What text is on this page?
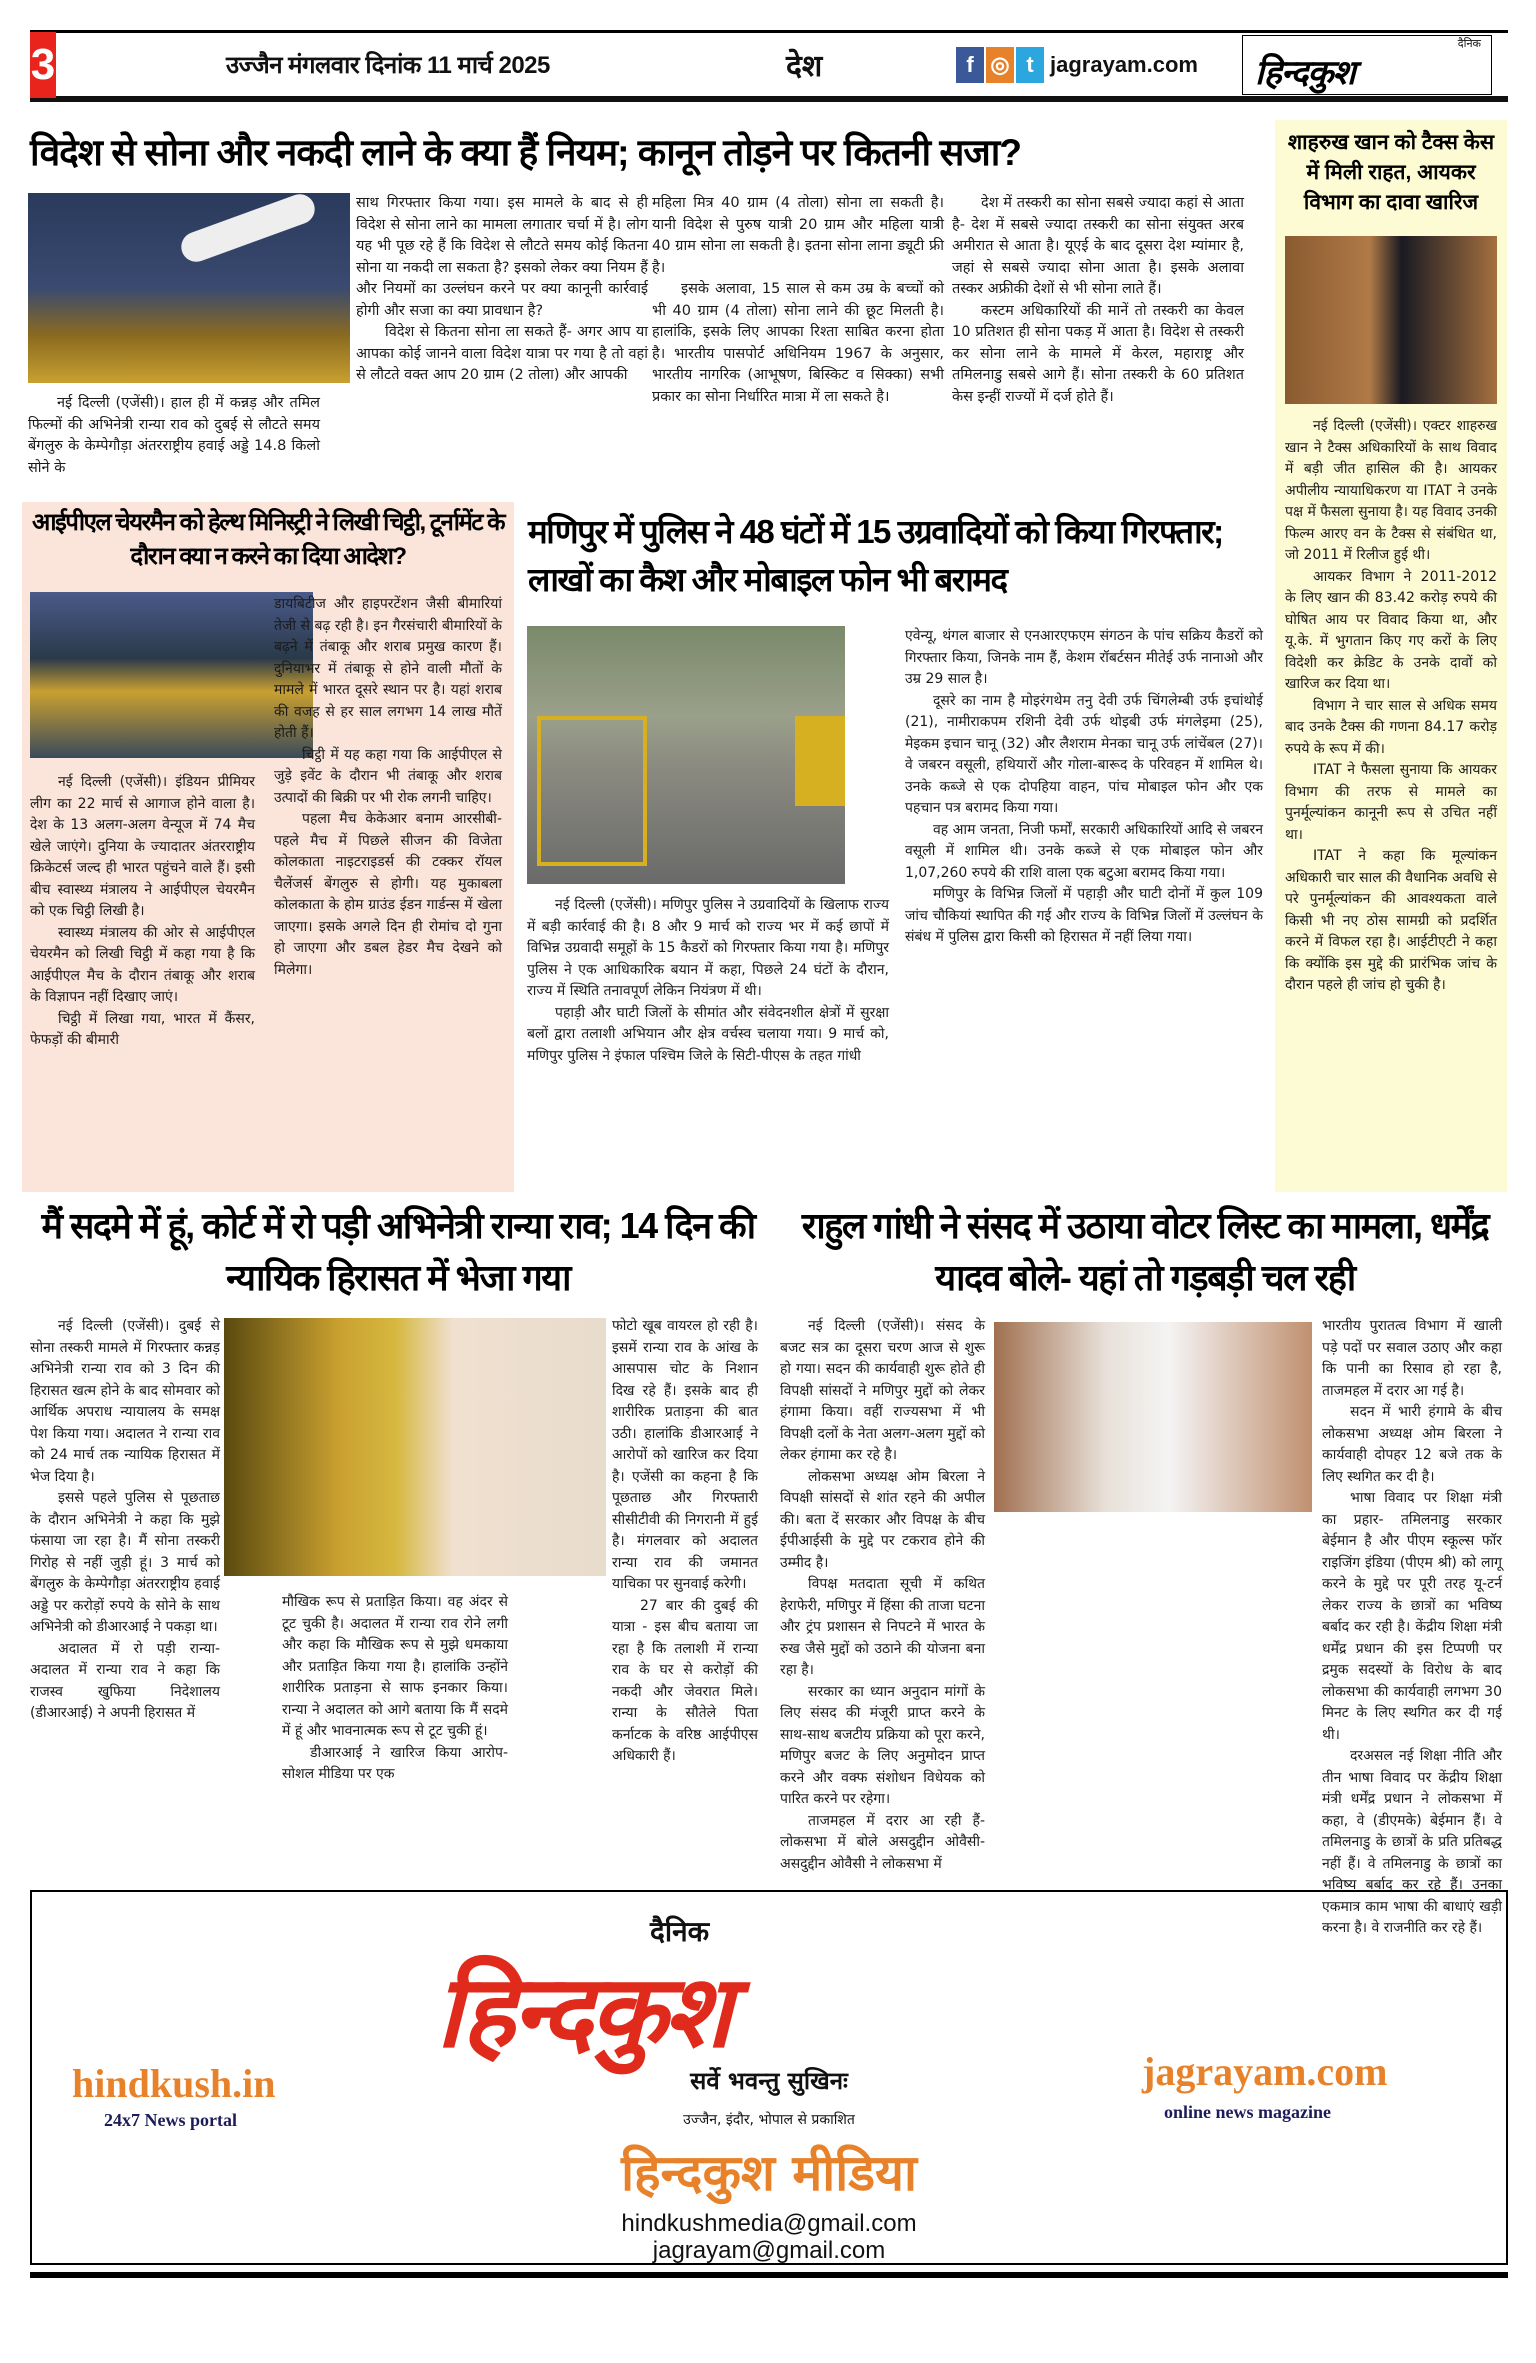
3	उज्जैन मंगलवार दिनांक 11 मार्च 2025	देश	f ◎ t jagrayam.com
दैनिक
हिन्दकुश
विदेश से सोना और नकदी लाने के क्या हैं नियम; कानून तोड़ने पर कितनी सजा?

नई दिल्ली (एजेंसी)। हाल ही में कन्नड़ और तमिल फिल्मों की अभिनेत्री रान्या राव को दुबई से लौटते समय बेंगलुरु के केम्पेगौड़ा अंतरराष्ट्रीय हवाई अड्डे 14.8 किलो सोने के

साथ गिरफ्तार किया गया। इस मामले के बाद से ही विदेश से सोना लाने का मामला लगातार चर्चा में है। लोग यह भी पूछ रहे हैं कि विदेश से लौटते समय कोई कितना सोना या नकदी ला सकता है? इसको लेकर क्या नियम हैं और नियमों का उल्लंघन करने पर क्या कानूनी कार्रवाई होगी और सजा का क्या प्रावधान है?

विदेश से कितना सोना ला सकते हैं- अगर आप या आपका कोई जानने वाला विदेश यात्रा पर गया है तो वहां से लौटते वक्त आप 20 ग्राम (2 तोला) और आपकी

महिला मित्र 40 ग्राम (4 तोला) सोना ला सकती है। यानी विदेश से पुरुष यात्री 20 ग्राम और महिला यात्री 40 ग्राम सोना ला सकती है। इतना सोना लाना ड्यूटी फ्री है।

इसके अलावा, 15 साल से कम उम्र के बच्चों को भी 40 ग्राम (4 तोला) सोना लाने की छूट मिलती है। हालांकि, इसके लिए आपका रिश्ता साबित करना होता है। भारतीय पासपोर्ट अधिनियम 1967 के अनुसार, भारतीय नागरिक (आभूषण, बिस्किट व सिक्का) सभी प्रकार का सोना निर्धारित मात्रा में ला सकते है।

देश में तस्करी का सोना सबसे ज्यादा कहां से आता है- देश में सबसे ज्यादा तस्करी का सोना संयुक्त अरब अमीरात से आता है। यूएई के बाद दूसरा देश म्यांमार है, जहां से सबसे ज्यादा सोना आता है। इसके अलावा तस्कर अफ्रीकी देशों से भी सोना लाते हैं।

कस्टम अधिकारियों की मानें तो तस्करी का केवल 10 प्रतिशत ही सोना पकड़ में आता है। विदेश से तस्करी कर सोना लाने के मामले में केरल, महाराष्ट्र और तमिलनाडु सबसे आगे हैं। सोना तस्करी के 60 प्रतिशत केस इन्हीं राज्यों में दर्ज होते हैं।

शाहरुख खान को टैक्स केस में मिली राहत, आयकर विभाग का दावा खारिज

नई दिल्ली (एजेंसी)। एक्टर शाहरुख खान ने टैक्स अधिकारियों के साथ विवाद में बड़ी जीत हासिल की है। आयकर अपीलीय न्यायाधिकरण या ITAT ने उनके पक्ष में फैसला सुनाया है। यह विवाद उनकी फिल्म आरए वन के टैक्स से संबंधित था, जो 2011 में रिलीज हुई थी।

आयकर विभाग ने 2011-2012 के लिए खान की 83.42 करोड़ रुपये की घोषित आय पर विवाद किया था, और यू.के. में भुगतान किए गए करों के लिए विदेशी कर क्रेडिट के उनके दावों को खारिज कर दिया था।

विभाग ने चार साल से अधिक समय बाद उनके टैक्स की गणना 84.17 करोड़ रुपये के रूप में की।

ITAT ने फैसला सुनाया कि आयकर विभाग की तरफ से मामले का पुनर्मूल्यांकन कानूनी रूप से उचित नहीं था।

ITAT ने कहा कि मूल्यांकन अधिकारी चार साल की वैधानिक अवधि से परे पुनर्मूल्यांकन की आवश्यकता वाले किसी भी नए ठोस सामग्री को प्रदर्शित करने में विफल रहा है। आईटीएटी ने कहा कि क्योंकि इस मुद्दे की प्रारंभिक जांच के दौरान पहले ही जांच हो चुकी है।

आईपीएल चेयरमैन को हेल्थ मिनिस्ट्री ने लिखी चिट्ठी, टूर्नामेंट के दौरान क्या न करने का दिया आदेश?

नई दिल्ली (एजेंसी)। इंडियन प्रीमियर लीग का 22 मार्च से आगाज होने वाला है। देश के 13 अलग-अलग वेन्यूज में 74 मैच खेले जाएंगे। दुनिया के ज्यादातर अंतरराष्ट्रीय क्रिकेटर्स जल्द ही भारत पहुंचने वाले हैं। इसी बीच स्वास्थ्य मंत्रालय ने आईपीएल चेयरमैन को एक चिट्ठी लिखी है।

स्वास्थ्य मंत्रालय की ओर से आईपीएल चेयरमैन को लिखी चिट्ठी में कहा गया है कि आईपीएल मैच के दौरान तंबाकू और शराब के विज्ञापन नहीं दिखाए जाएं।

चिट्ठी में लिखा गया, भारत में कैंसर, फेफड़ों की बीमारी

डायबिटीज और हाइपरटेंशन जैसी बीमारियां तेजी से बढ़ रही है। इन गैरसंचारी बीमारियों के बढ़ने में तंबाकू और शराब प्रमुख कारण हैं। दुनियाभर में तंबाकू से होने वाली मौतों के मामले में भारत दूसरे स्थान पर है। यहां शराब की वजह से हर साल लगभग 14 लाख मौतें होती हैं।

चिट्ठी में यह कहा गया कि आईपीएल से जुड़े इवेंट के दौरान भी तंबाकू और शराब उत्पादों की बिक्री पर भी रोक लगनी चाहिए।

पहला मैच केकेआर बनाम आरसीबी- पहले मैच में पिछले सीजन की विजेता कोलकाता नाइटराइडर्स की टक्कर रॉयल चैलेंजर्स बेंगलुरु से होगी। यह मुकाबला कोलकाता के होम ग्राउंड ईडन गार्डन्स में खेला जाएगा। इसके अगले दिन ही रोमांच दो गुना हो जाएगा और डबल हेडर मैच देखने को मिलेगा।

मणिपुर में पुलिस ने 48 घंटों में 15 उग्रवादियों को किया गिरफ्तार; लाखों का कैश और मोबाइल फोन भी बरामद

नई दिल्ली (एजेंसी)। मणिपुर पुलिस ने उग्रवादियों के खिलाफ राज्य में बड़ी कार्रवाई की है। 8 और 9 मार्च को राज्य भर में कई छापों में विभिन्न उग्रवादी समूहों के 15 कैडरों को गिरफ्तार किया गया है। मणिपुर पुलिस ने एक आधिकारिक बयान में कहा, पिछले 24 घंटों के दौरान, राज्य में स्थिति तनावपूर्ण लेकिन नियंत्रण में थी।

पहाड़ी और घाटी जिलों के सीमांत और संवेदनशील क्षेत्रों में सुरक्षा बलों द्वारा तलाशी अभियान और क्षेत्र वर्चस्व चलाया गया। 9 मार्च को, मणिपुर पुलिस ने इंफाल पश्चिम जिले के सिटी-पीएस के तहत गांधी

एवेन्यू, थंगल बाजार से एनआरएफएम संगठन के पांच सक्रिय कैडरों को गिरफ्तार किया, जिनके नाम हैं, केशम रॉबर्टसन मीतेई उर्फ नानाओ और उम्र 29 साल है।

दूसरे का नाम है मोइरंगथेम तनु देवी उर्फ चिंगलेम्बी उर्फ इचांथोई (21), नामीराकपम रशिनी देवी उर्फ थोइबी उर्फ मंगलेइमा (25), मेइकम इचान चानू (32) और लैशराम मेनका चानू उर्फ लांचेंबल (27)। वे जबरन वसूली, हथियारों और गोला-बारूद के परिवहन में शामिल थे। उनके कब्जे से एक दोपहिया वाहन, पांच मोबाइल फोन और एक पहचान पत्र बरामद किया गया।

वह आम जनता, निजी फर्मों, सरकारी अधिकारियों आदि से जबरन वसूली में शामिल थी। उनके कब्जे से एक मोबाइल फोन और 1,07,260 रुपये की राशि वाला एक बटुआ बरामद किया गया।

मणिपुर के विभिन्न जिलों में पहाड़ी और घाटी दोनों में कुल 109 जांच चौकियां स्थापित की गई और राज्य के विभिन्न जिलों में उल्लंघन के संबंध में पुलिस द्वारा किसी को हिरासत में नहीं लिया गया।

मैं सदमे में हूं, कोर्ट में रो पड़ी अभिनेत्री रान्या राव; 14 दिन की न्यायिक हिरासत में भेजा गया

नई दिल्ली (एजेंसी)। दुबई से सोना तस्करी मामले में गिरफ्तार कन्नड़ अभिनेत्री रान्या राव को 3 दिन की हिरासत खत्म होने के बाद सोमवार को आर्थिक अपराध न्यायालय के समक्ष पेश किया गया। अदालत ने रान्या राव को 24 मार्च तक न्यायिक हिरासत में भेज दिया है।

इससे पहले पुलिस से पूछताछ के दौरान अभिनेत्री ने कहा कि मुझे फंसाया जा रहा है। मैं सोना तस्करी गिरोह से नहीं जुड़ी हूं। 3 मार्च को बेंगलुरु के केम्पेगौड़ा अंतरराष्ट्रीय हवाई अड्डे पर करोड़ों रुपये के सोने के साथ अभिनेत्री को डीआरआई ने पकड़ा था।

अदालत में रो पड़ी रान्या- अदालत में रान्या राव ने कहा कि राजस्व खुफिया निदेशालय (डीआरआई) ने अपनी हिरासत में

मौखिक रूप से प्रताड़ित किया। वह अंदर से टूट चुकी है। अदालत में रान्या राव रोने लगी और कहा कि मौखिक रूप से मुझे धमकाया और प्रताड़ित किया गया है। हालांकि उन्होंने शारीरिक प्रताड़ना से साफ इनकार किया। रान्या ने अदालत को आगे बताया कि मैं सदमे में हूं और भावनात्मक रूप से टूट चुकी हूं।

डीआरआई ने खारिज किया आरोप- सोशल मीडिया पर एक

फोटो खूब वायरल हो रही है। इसमें रान्या राव के आंख के आसपास चोट के निशान दिख रहे हैं। इसके बाद ही शारीरिक प्रताड़ना की बात उठी। हालांकि डीआरआई ने आरोपों को खारिज कर दिया है। एजेंसी का कहना है कि पूछताछ और गिरफ्तारी सीसीटीवी की निगरानी में हुई है। मंगलवार को अदालत रान्या राव की जमानत याचिका पर सुनवाई करेगी।

27 बार की दुबई की यात्रा - इस बीच बताया जा रहा है कि तलाशी में रान्या राव के घर से करोड़ों की नकदी और जेवरात मिले। रान्या के सौतेले पिता कर्नाटक के वरिष्ठ आईपीएस अधिकारी हैं।

राहुल गांधी ने संसद में उठाया वोटर लिस्ट का मामला, धर्मेंद्र यादव बोले- यहां तो गड़बड़ी चल रही

नई दिल्ली (एजेंसी)। संसद के बजट सत्र का दूसरा चरण आज से शुरू हो गया। सदन की कार्यवाही शुरू होते ही विपक्षी सांसदों ने मणिपुर मुद्दों को लेकर हंगामा किया। वहीं राज्यसभा में भी विपक्षी दलों के नेता अलग-अलग मुद्दों को लेकर हंगामा कर रहे है।

लोकसभा अध्यक्ष ओम बिरला ने विपक्षी सांसदों से शांत रहने की अपील की। बता दें सरकार और विपक्ष के बीच ईपीआईसी के मुद्दे पर टकराव होने की उम्मीद है।

विपक्ष मतदाता सूची में कथित हेराफेरी, मणिपुर में हिंसा की ताजा घटना और ट्रंप प्रशासन से निपटने में भारत के रुख जैसे मुद्दों को उठाने की योजना बना रहा है।

सरकार का ध्यान अनुदान मांगों के लिए संसद की मंजूरी प्राप्त करने के साथ-साथ बजटीय प्रक्रिया को पूरा करने, मणिपुर बजट के लिए अनुमोदन प्राप्त करने और वक्फ संशोधन विधेयक को पारित करने पर रहेगा।

ताजमहल में दरार आ रही हैं- लोकसभा में बोले असदुद्दीन ओवैसी- असदुद्दीन ओवैसी ने लोकसभा में

भारतीय पुरातत्व विभाग में खाली पड़े पदों पर सवाल उठाए और कहा कि पानी का रिसाव हो रहा है, ताजमहल में दरार आ गई है।

सदन में भारी हंगामे के बीच लोकसभा अध्यक्ष ओम बिरला ने कार्यवाही दोपहर 12 बजे तक के लिए स्थगित कर दी है।

भाषा विवाद पर शिक्षा मंत्री का प्रहार- तमिलनाडु सरकार बेईमान है और पीएम स्कूल्स फॉर राइजिंग इंडिया (पीएम श्री) को लागू करने के मुद्दे पर पूरी तरह यू-टर्न लेकर राज्य के छात्रों का भविष्य बर्बाद कर रही है। केंद्रीय शिक्षा मंत्री धर्मेंद्र प्रधान की इस टिप्पणी पर द्रमुक सदस्यों के विरोध के बाद लोकसभा की कार्यवाही लगभग 30 मिनट के लिए स्थगित कर दी गई थी।

दरअसल नई शिक्षा नीति और तीन भाषा विवाद पर केंद्रीय शिक्षा मंत्री धर्मेंद्र प्रधान ने लोकसभा में कहा, वे (डीएमके) बेईमान हैं। वे तमिलनाडु के छात्रों के प्रति प्रतिबद्ध नहीं हैं। वे तमिलनाडु के छात्रों का भविष्य बर्बाद कर रहे हैं। उनका एकमात्र काम भाषा की बाधाएं खड़ी करना है। वे राजनीति कर रहे हैं।

दैनिक
हिन्दकुश
सर्वे भवन्तु सुखिनः
उज्जैन, इंदौर, भोपाल से प्रकाशित
हिन्दकुश मीडिया
hindkushmedia@gmail.com
jagrayam@gmail.com
hindkush.in
24x7 News portal
jagrayam.com
online news magazine
